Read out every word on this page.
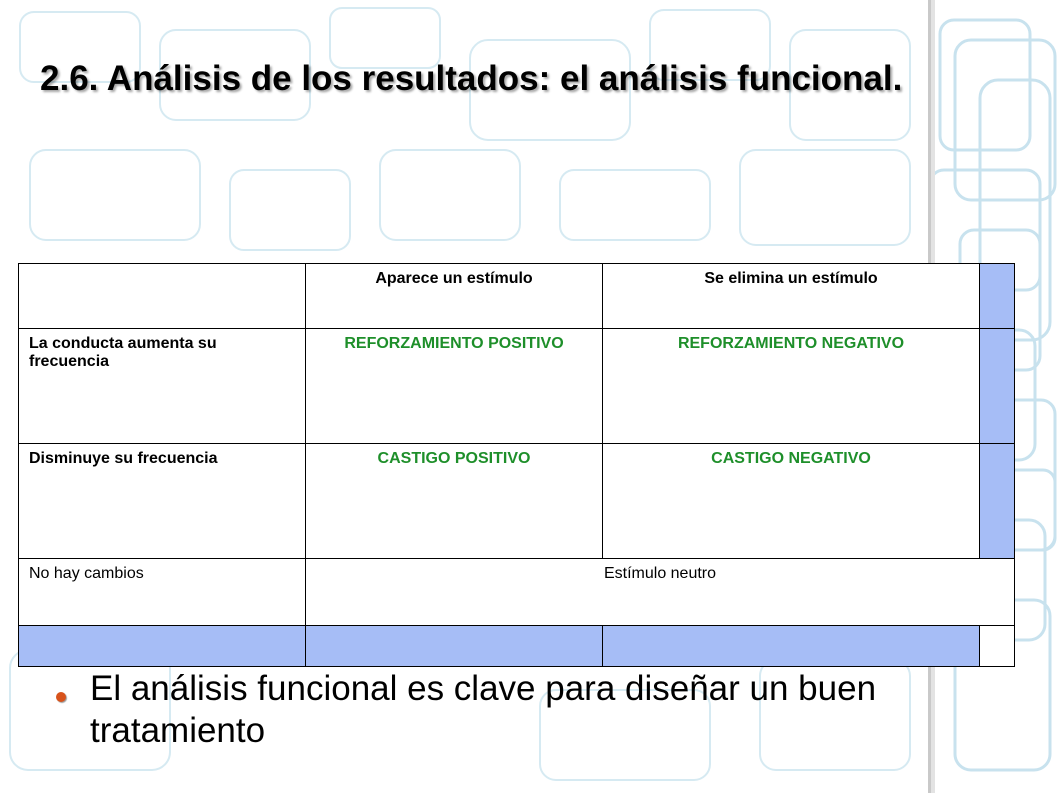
2.6. Análisis de los resultados: el análisis funcional.
	Aparece un estímulo	Se elimina un estímulo	
La conducta aumenta su frecuencia	REFORZAMIENTO POSITIVO	REFORZAMIENTO NEGATIVO	
Disminuye su frecuencia	CASTIGO POSITIVO	CASTIGO NEGATIVO	
No hay cambios	Estímulo neutro		

El análisis funcional es clave para diseñar un buen tratamiento
